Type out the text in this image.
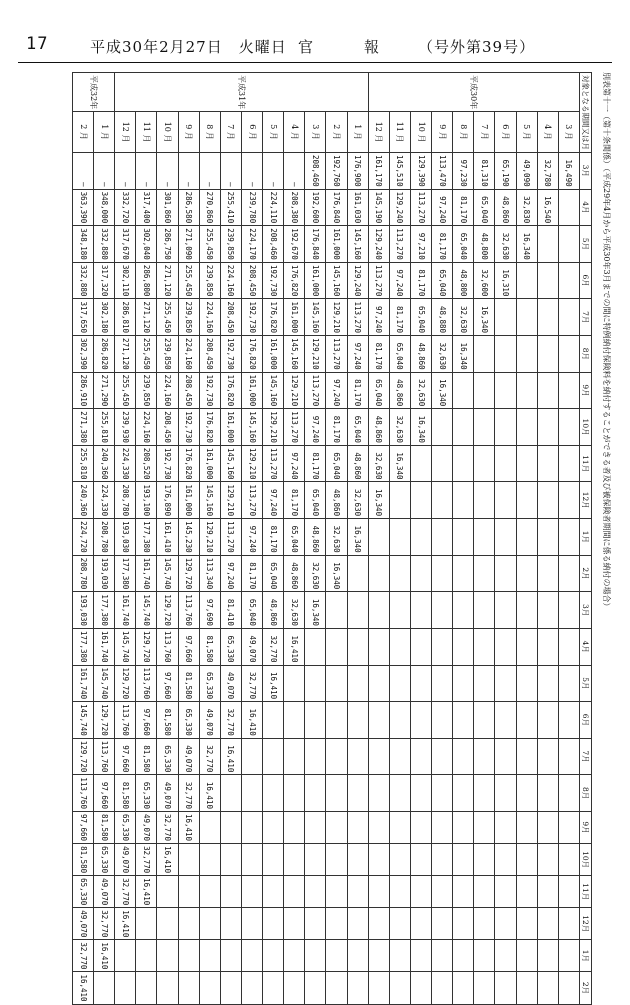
17	平成30年2月27日　火曜日 官　報 （号外第39号）
別表第十一（第十条関係）（平成29年4月から平成30年3月までの間に特例納付保険料を納付することができる者及び被保険者期間に係る納付の場合）
対象となる期間又は月		3月	4月	5月	6月	7月	8月	9月	10月	11月	12月	1月	2月	3月	4月	5月	6月	7月	8月	9月	10月	11月	12月	1月	2月
平成30年	3 月	16,490																							
	4 月	32,780	16,540																						
	5 月	49,090	32,830	16,340																					
	6 月	65,190	48,860	32,630	16,310																				
	7 月	81,310	65,040	48,800	32,600	16,340																			
	8 月	97,230	81,170	65,040	48,800	32,630	16,340																		
	9 月	113,470	97,240	81,170	65,040	48,880	32,630	16,340																	
	10 月	129,390	113,270	97,210	81,170	65,040	48,860	32,630	16,340																
	11 月	145,510	129,240	113,270	97,240	81,170	65,040	48,860	32,630	16,340															
	12 月	161,170	145,190	129,240	113,270	97,240	81,170	65,040	48,860	32,630	16,340														
平成31年	1 月	176,900	161,030	145,160	129,240	113,270	97,240	81,170	65,040	48,860	32,630	16,340													
	2 月	192,760	176,840	161,000	145,160	129,210	113,270	97,240	81,170	65,040	48,860	32,630	16,340												
	3 月	208,460	192,600	176,840	161,000	145,160	129,210	113,270	97,240	81,170	65,040	48,860	32,630	16,340											
	4 月	—	208,380	192,670	176,820	161,000	145,160	129,210	113,270	97,240	81,170	65,040	48,860	32,630	16,410										
	5 月	—	224,110	208,460	192,730	176,820	161,000	145,160	129,210	113,270	97,240	81,170	65,040	48,860	32,770	16,410									
	6 月	—	239,780	224,170	208,450	192,730	176,820	161,000	145,160	129,210	113,270	97,240	81,170	65,040	49,070	32,770	16,410								
	7 月	—	255,410	239,850	224,160	208,450	192,730	176,820	161,000	145,160	129,210	113,270	97,240	81,410	65,330	49,070	32,770	16,410							
	8 月	—	270,860	255,450	239,850	224,160	208,450	192,730	176,820	161,000	145,160	129,210	113,340	97,690	81,580	65,330	49,070	32,770	16,410						
	9 月	—	286,580	271,090	255,450	239,850	224,160	208,450	192,730	176,820	161,000	145,230	129,720	113,760	97,660	81,580	65,330	49,070	32,770	16,410					
	10 月	—	301,860	286,750	271,120	255,450	239,850	224,160	208,450	192,730	176,890	161,410	145,740	129,720	113,760	97,660	81,580	65,330	49,070	32,770	16,410				
	11 月	—	317,400	302,040	286,800	271,120	255,450	239,850	224,160	208,520	193,100	177,380	161,740	145,740	129,720	113,760	97,660	81,580	65,330	49,070	32,770	16,410			
	12 月	—	332,720	317,670	302,110	286,810	271,120	255,450	239,930	224,330	208,780	193,030	177,380	161,740	145,740	129,720	113,760	97,660	81,580	65,330	49,070	32,770	16,410		
平成32年	1 月	—	348,000	332,880	317,320	302,180	286,820	271,290	255,810	240,360	224,330	208,780	193,030	177,380	161,740	145,740	129,720	113,760	97,660	81,580	65,330	49,070	32,770	16,410	
	2 月	—	363,390	348,180	332,880	317,650	302,390	286,910	271,380	255,810	240,360	224,720	208,780	193,030	177,380	161,740	145,740	129,720	113,760	97,660	81,580	65,330	49,070	32,770	16,410
